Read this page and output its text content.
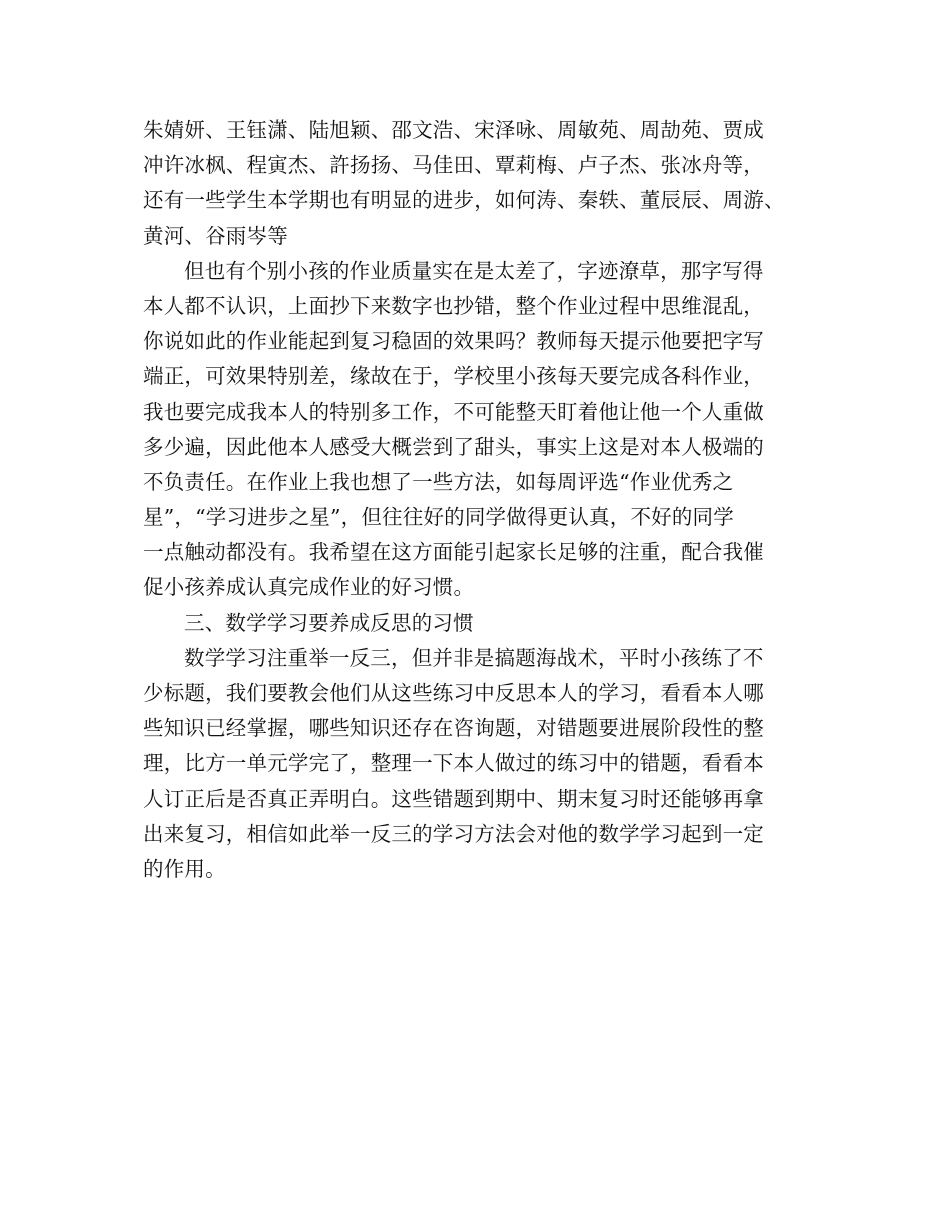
朱婧妍、王钰潇、陆旭颖、邵文浩、宋泽咏、周敏苑、周劼苑、贾成
冲许冰枫、程寅杰、許扬扬、马佳田、覃莉梅、卢子杰、张冰舟等，
还有一些学生本学期也有明显的进步，如何涛、秦轶、董辰辰、周游、
黄河、谷雨岑等
但也有个别小孩的作业质量实在是太差了，字迹潦草，那字写得
本人都不认识，上面抄下来数字也抄错，整个作业过程中思维混乱，
你说如此的作业能起到复习稳固的效果吗？教师每天提示他要把字写
端正，可效果特别差，缘故在于，学校里小孩每天要完成各科作业，
我也要完成我本人的特别多工作，不可能整天盯着他让他一个人重做
多少遍，因此他本人感受大概尝到了甜头，事实上这是对本人极端的
不负责任。在作业上我也想了一些方法，如每周评选“作业优秀之
星”，“学习进步之星”，但往往好的同学做得更认真，不好的同学
一点触动都没有。我希望在这方面能引起家长足够的注重，配合我催
促小孩养成认真完成作业的好习惯。
三、数学学习要养成反思的习惯
数学学习注重举一反三，但并非是搞题海战术，平时小孩练了不
少标题，我们要教会他们从这些练习中反思本人的学习，看看本人哪
些知识已经掌握，哪些知识还存在咨询题，对错题要进展阶段性的整
理，比方一单元学完了，整理一下本人做过的练习中的错题，看看本
人订正后是否真正弄明白。这些错题到期中、期末复习时还能够再拿
出来复习，相信如此举一反三的学习方法会对他的数学学习起到一定
的作用。
